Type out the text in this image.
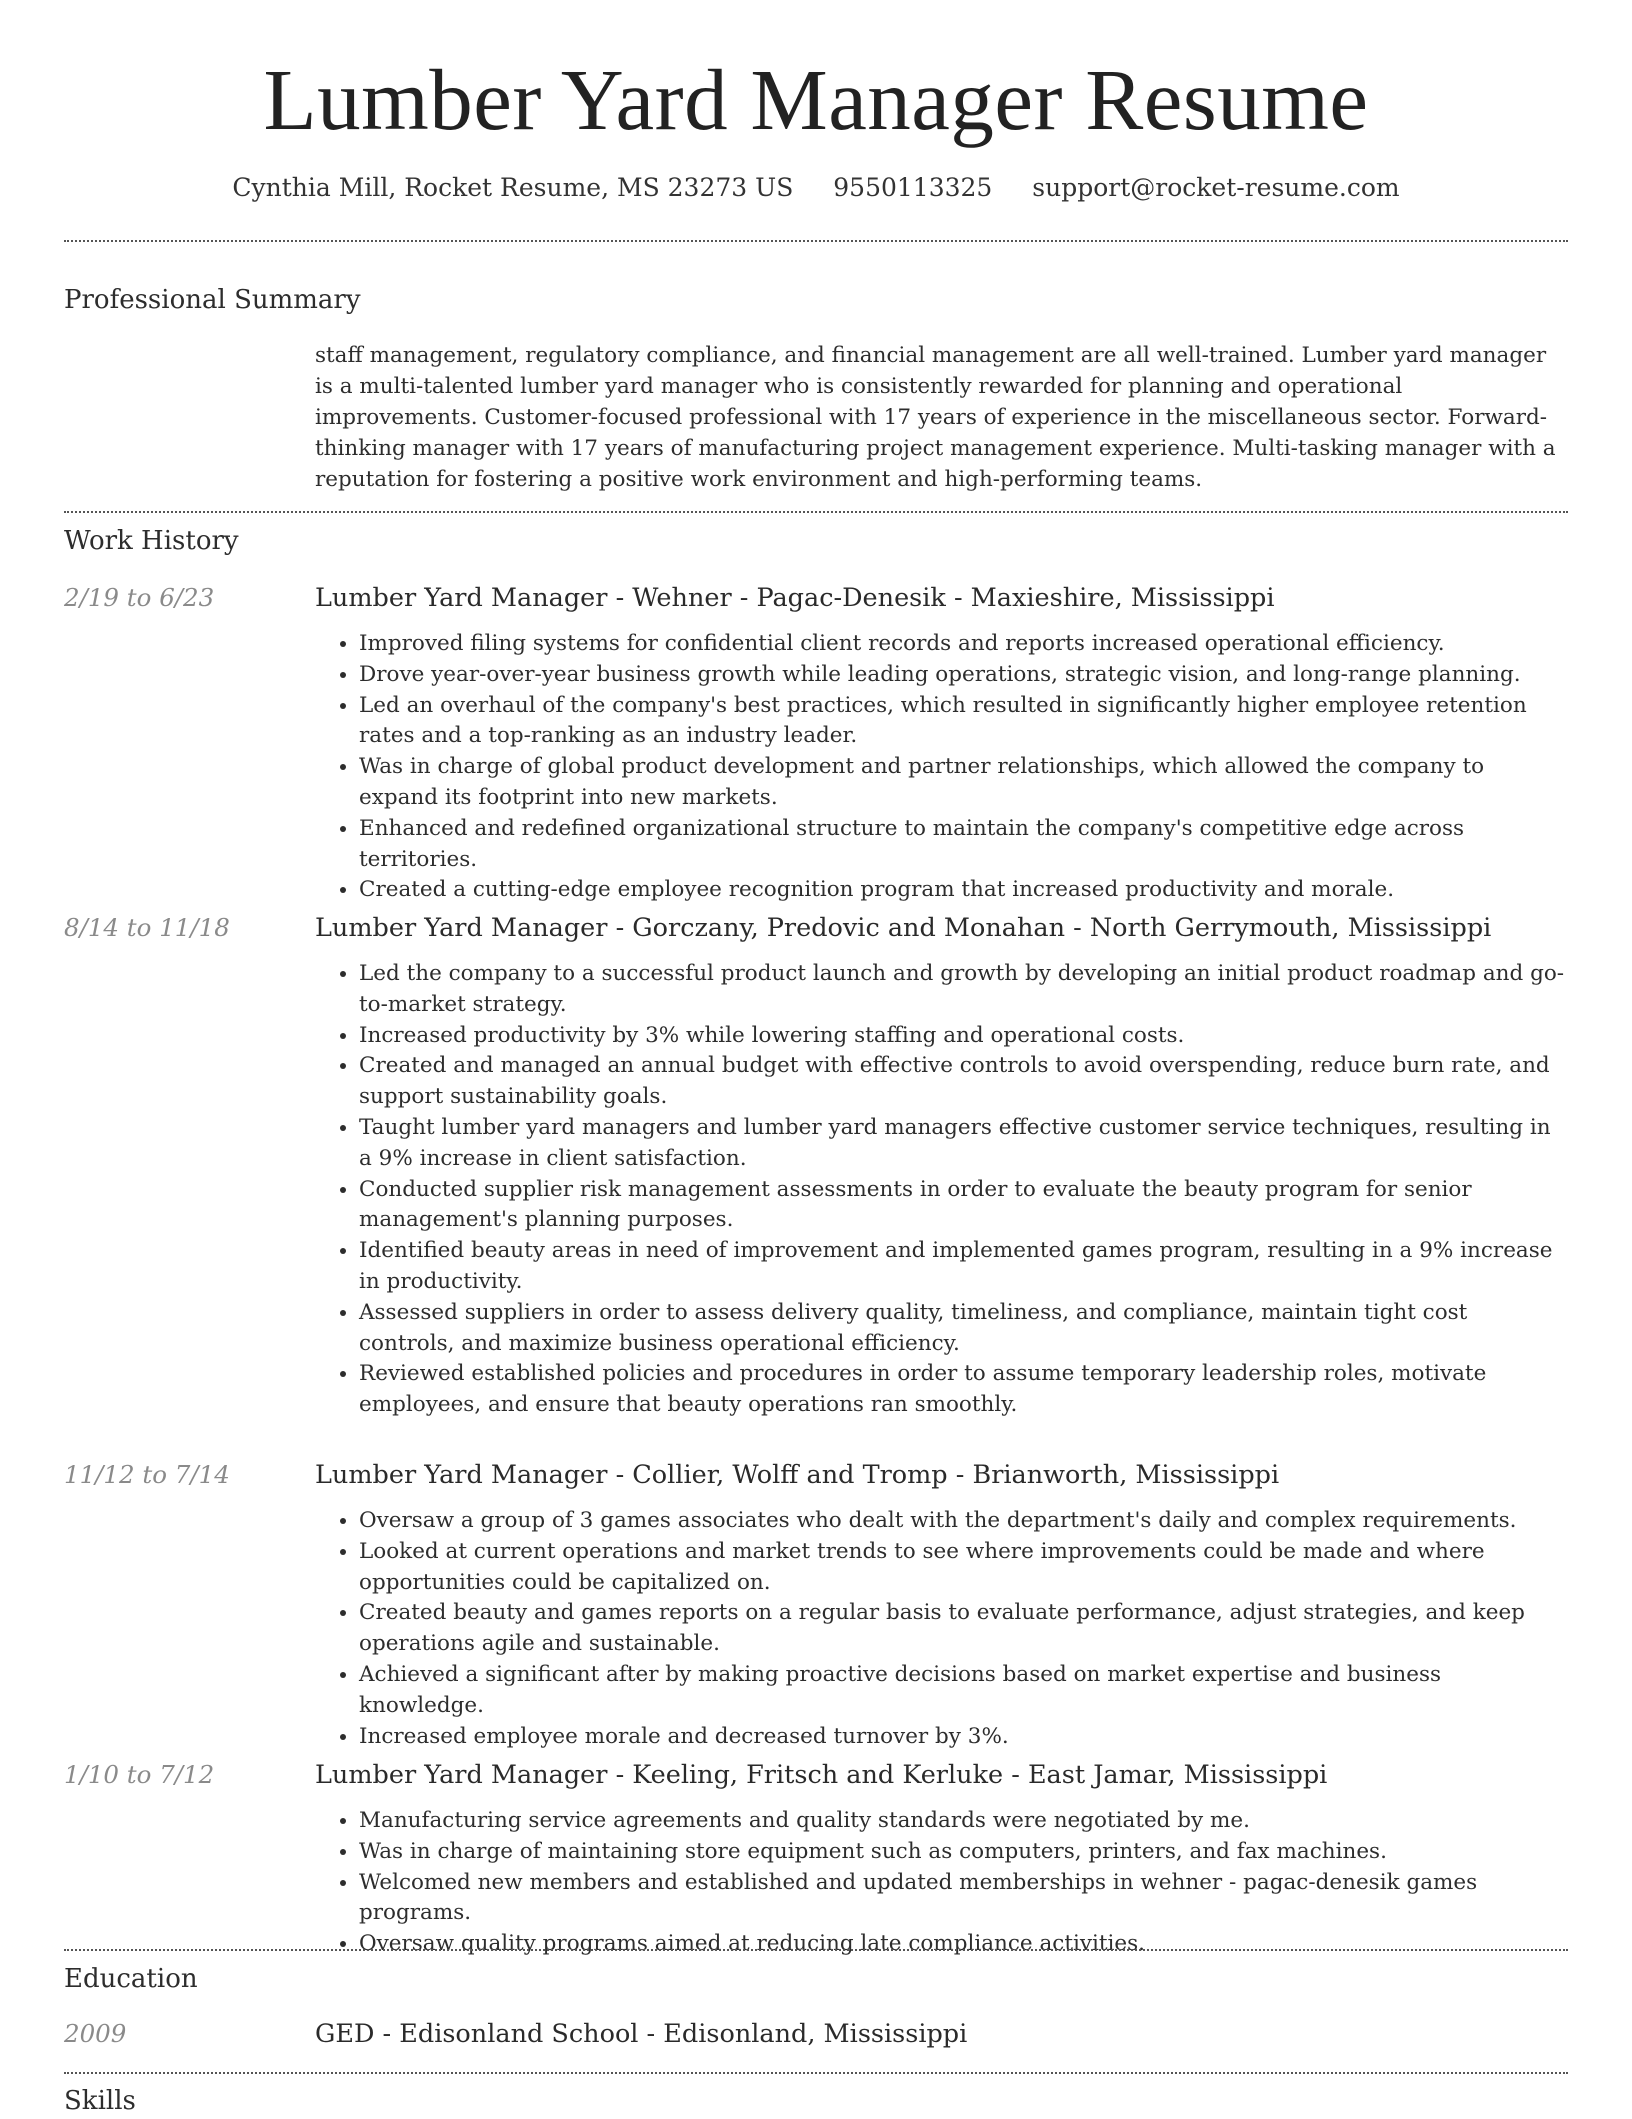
Lumber Yard Manager Resume
Cynthia Mill, Rocket Resume, MS 23273 US 9550113325 support@rocket-resume.com
Professional Summary
staff management, regulatory compliance, and financial management are all well-trained. Lumber yard manager is a multi-talented lumber yard manager who is consistently rewarded for planning and operational improvements. Customer-focused professional with 17 years of experience in the miscellaneous sector. Forward-thinking manager with 17 years of manufacturing project management experience. Multi-tasking manager with a reputation for fostering a positive work environment and high-performing teams.
Work History
2/19 to 6/23	Lumber Yard Manager - Wehner - Pagac-Denesik - Maxieshire, Mississippi
• Improved filing systems for confidential client records and reports increased operational efficiency.
• Drove year-over-year business growth while leading operations, strategic vision, and long-range planning.
• Led an overhaul of the company's best practices, which resulted in significantly higher employee retention rates and a top-ranking as an industry leader.
• Was in charge of global product development and partner relationships, which allowed the company to expand its footprint into new markets.
• Enhanced and redefined organizational structure to maintain the company's competitive edge across territories.
• Created a cutting-edge employee recognition program that increased productivity and morale.
8/14 to 11/18	Lumber Yard Manager - Gorczany, Predovic and Monahan - North Gerrymouth, Mississippi
• Led the company to a successful product launch and growth by developing an initial product roadmap and go-to-market strategy.
• Increased productivity by 3% while lowering staffing and operational costs.
• Created and managed an annual budget with effective controls to avoid overspending, reduce burn rate, and support sustainability goals.
• Taught lumber yard managers and lumber yard managers effective customer service techniques, resulting in a 9% increase in client satisfaction.
• Conducted supplier risk management assessments in order to evaluate the beauty program for senior management's planning purposes.
• Identified beauty areas in need of improvement and implemented games program, resulting in a 9% increase in productivity.
• Assessed suppliers in order to assess delivery quality, timeliness, and compliance, maintain tight cost controls, and maximize business operational efficiency.
• Reviewed established policies and procedures in order to assume temporary leadership roles, motivate employees, and ensure that beauty operations ran smoothly.
11/12 to 7/14	Lumber Yard Manager - Collier, Wolff and Tromp - Brianworth, Mississippi
• Oversaw a group of 3 games associates who dealt with the department's daily and complex requirements.
• Looked at current operations and market trends to see where improvements could be made and where opportunities could be capitalized on.
• Created beauty and games reports on a regular basis to evaluate performance, adjust strategies, and keep operations agile and sustainable.
• Achieved a significant after by making proactive decisions based on market expertise and business knowledge.
• Increased employee morale and decreased turnover by 3%.
1/10 to 7/12	Lumber Yard Manager - Keeling, Fritsch and Kerluke - East Jamar, Mississippi
• Manufacturing service agreements and quality standards were negotiated by me.
• Was in charge of maintaining store equipment such as computers, printers, and fax machines.
• Welcomed new members and established and updated memberships in wehner - pagac-denesik games programs.
• Oversaw quality programs aimed at reducing late compliance activities.
Education
2009	GED - Edisonland School - Edisonland, Mississippi
Skills
